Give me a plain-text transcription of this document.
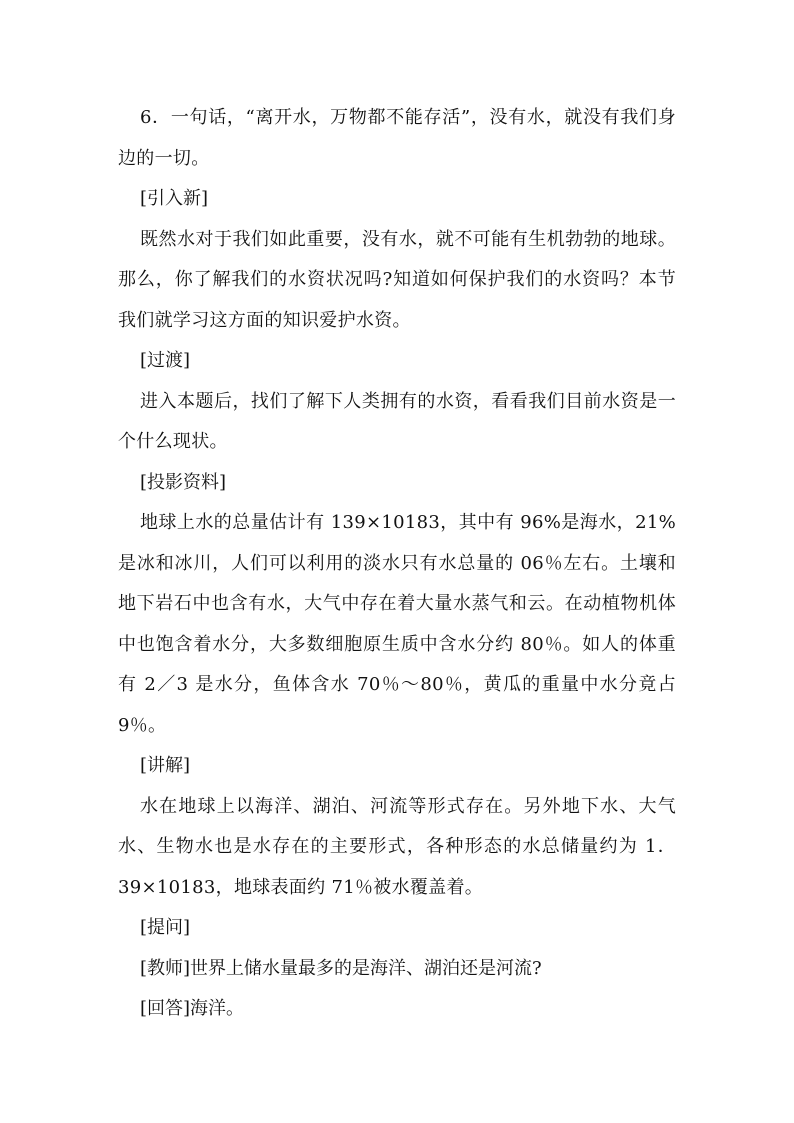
6．一句话，“离开水，万物都不能存活”，没有水，就没有我们身边的一切。

[引入新]

既然水对于我们如此重要，没有水，就不可能有生机勃勃的地球。那么，你了解我们的水资状况吗?知道如何保护我们的水资吗？本节我们就学习这方面的知识爱护水资。

[过渡]

进入本题后，找们了解下人类拥有的水资，看看我们目前水资是一个什么现状。

[投影资料]

地球上水的总量估计有 139×10183，其中有 96%是海水，21%是冰和冰川，人们可以利用的淡水只有水总量的 06％左右。土壤和地下岩石中也含有水，大气中存在着大量水蒸气和云。在动植物机体中也饱含着水分，大多数细胞原生质中含水分约 80％。如人的体重有 2／3 是水分，鱼体含水 70％～80％，黄瓜的重量中水分竟占 9％。

[讲解]

水在地球上以海洋、湖泊、河流等形式存在。另外地下水、大气水、生物水也是水存在的主要形式，各种形态的水总储量约为 1．39×10183，地球表面约 71％被水覆盖着。

[提问]

[教师]世界上储水量最多的是海洋、湖泊还是河流?

[回答]海洋。
